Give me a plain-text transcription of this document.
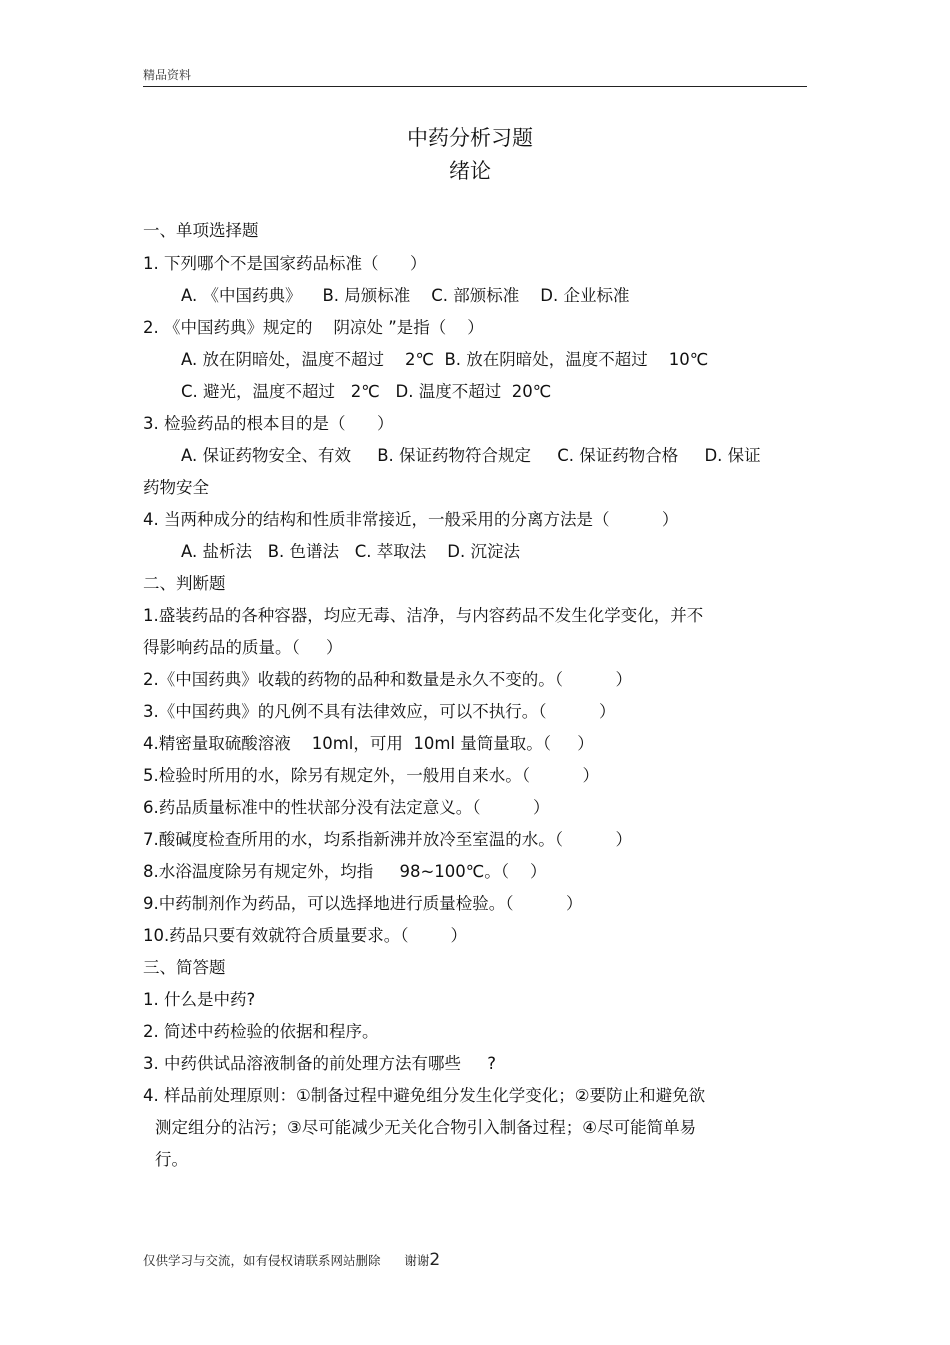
精品资料
中药分析习题
绪论
一、单项选择题
1. 下列哪个不是国家药品标准（      ）
A. 《中国药典》    B. 局颁标准    C. 部颁标准    D. 企业标准
2. 《中国药典》规定的    阴凉处 ”是指（    ）
A. 放在阴暗处，温度不超过    2℃  B. 放在阴暗处，温度不超过    10℃
C. 避光，温度不超过   2℃   D. 温度不超过  20℃
3. 检验药品的根本目的是（      ）
A. 保证药物安全、有效     B. 保证药物符合规定     C. 保证药物合格     D. 保证
药物安全
4. 当两种成分的结构和性质非常接近，一般采用的分离方法是（          ）
A. 盐析法   B. 色谱法   C. 萃取法    D. 沉淀法
二、判断题
1.盛装药品的各种容器，均应无毒、洁净，与内容药品不发生化学变化，并不
得影响药品的质量。（     ）
2.《中国药典》收载的药物的品种和数量是永久不变的。（          ）
3.《中国药典》的凡例不具有法律效应，可以不执行。（          ）
4.精密量取硫酸溶液    10ml，可用  10ml 量筒量取。（     ）
5.检验时所用的水，除另有规定外，一般用自来水。（          ）
6.药品质量标准中的性状部分没有法定意义。（          ）
7.酸碱度检查所用的水，均系指新沸并放冷至室温的水。（          ）
8.水浴温度除另有规定外，均指     98~100℃。（    ）
9.中药制剂作为药品，可以选择地进行质量检验。（          ）
10.药品只要有效就符合质量要求。（        ）
三、简答题
1. 什么是中药?
2. 简述中药检验的依据和程序。
3. 中药供试品溶液制备的前处理方法有哪些     ?
4. 样品前处理原则：①制备过程中避免组分发生化学变化；②要防止和避免欲
测定组分的沾污；③尽可能减少无关化合物引入制备过程；④尽可能简单易
行。
仅供学习与交流，如有侵权请联系网站删除      谢谢2
